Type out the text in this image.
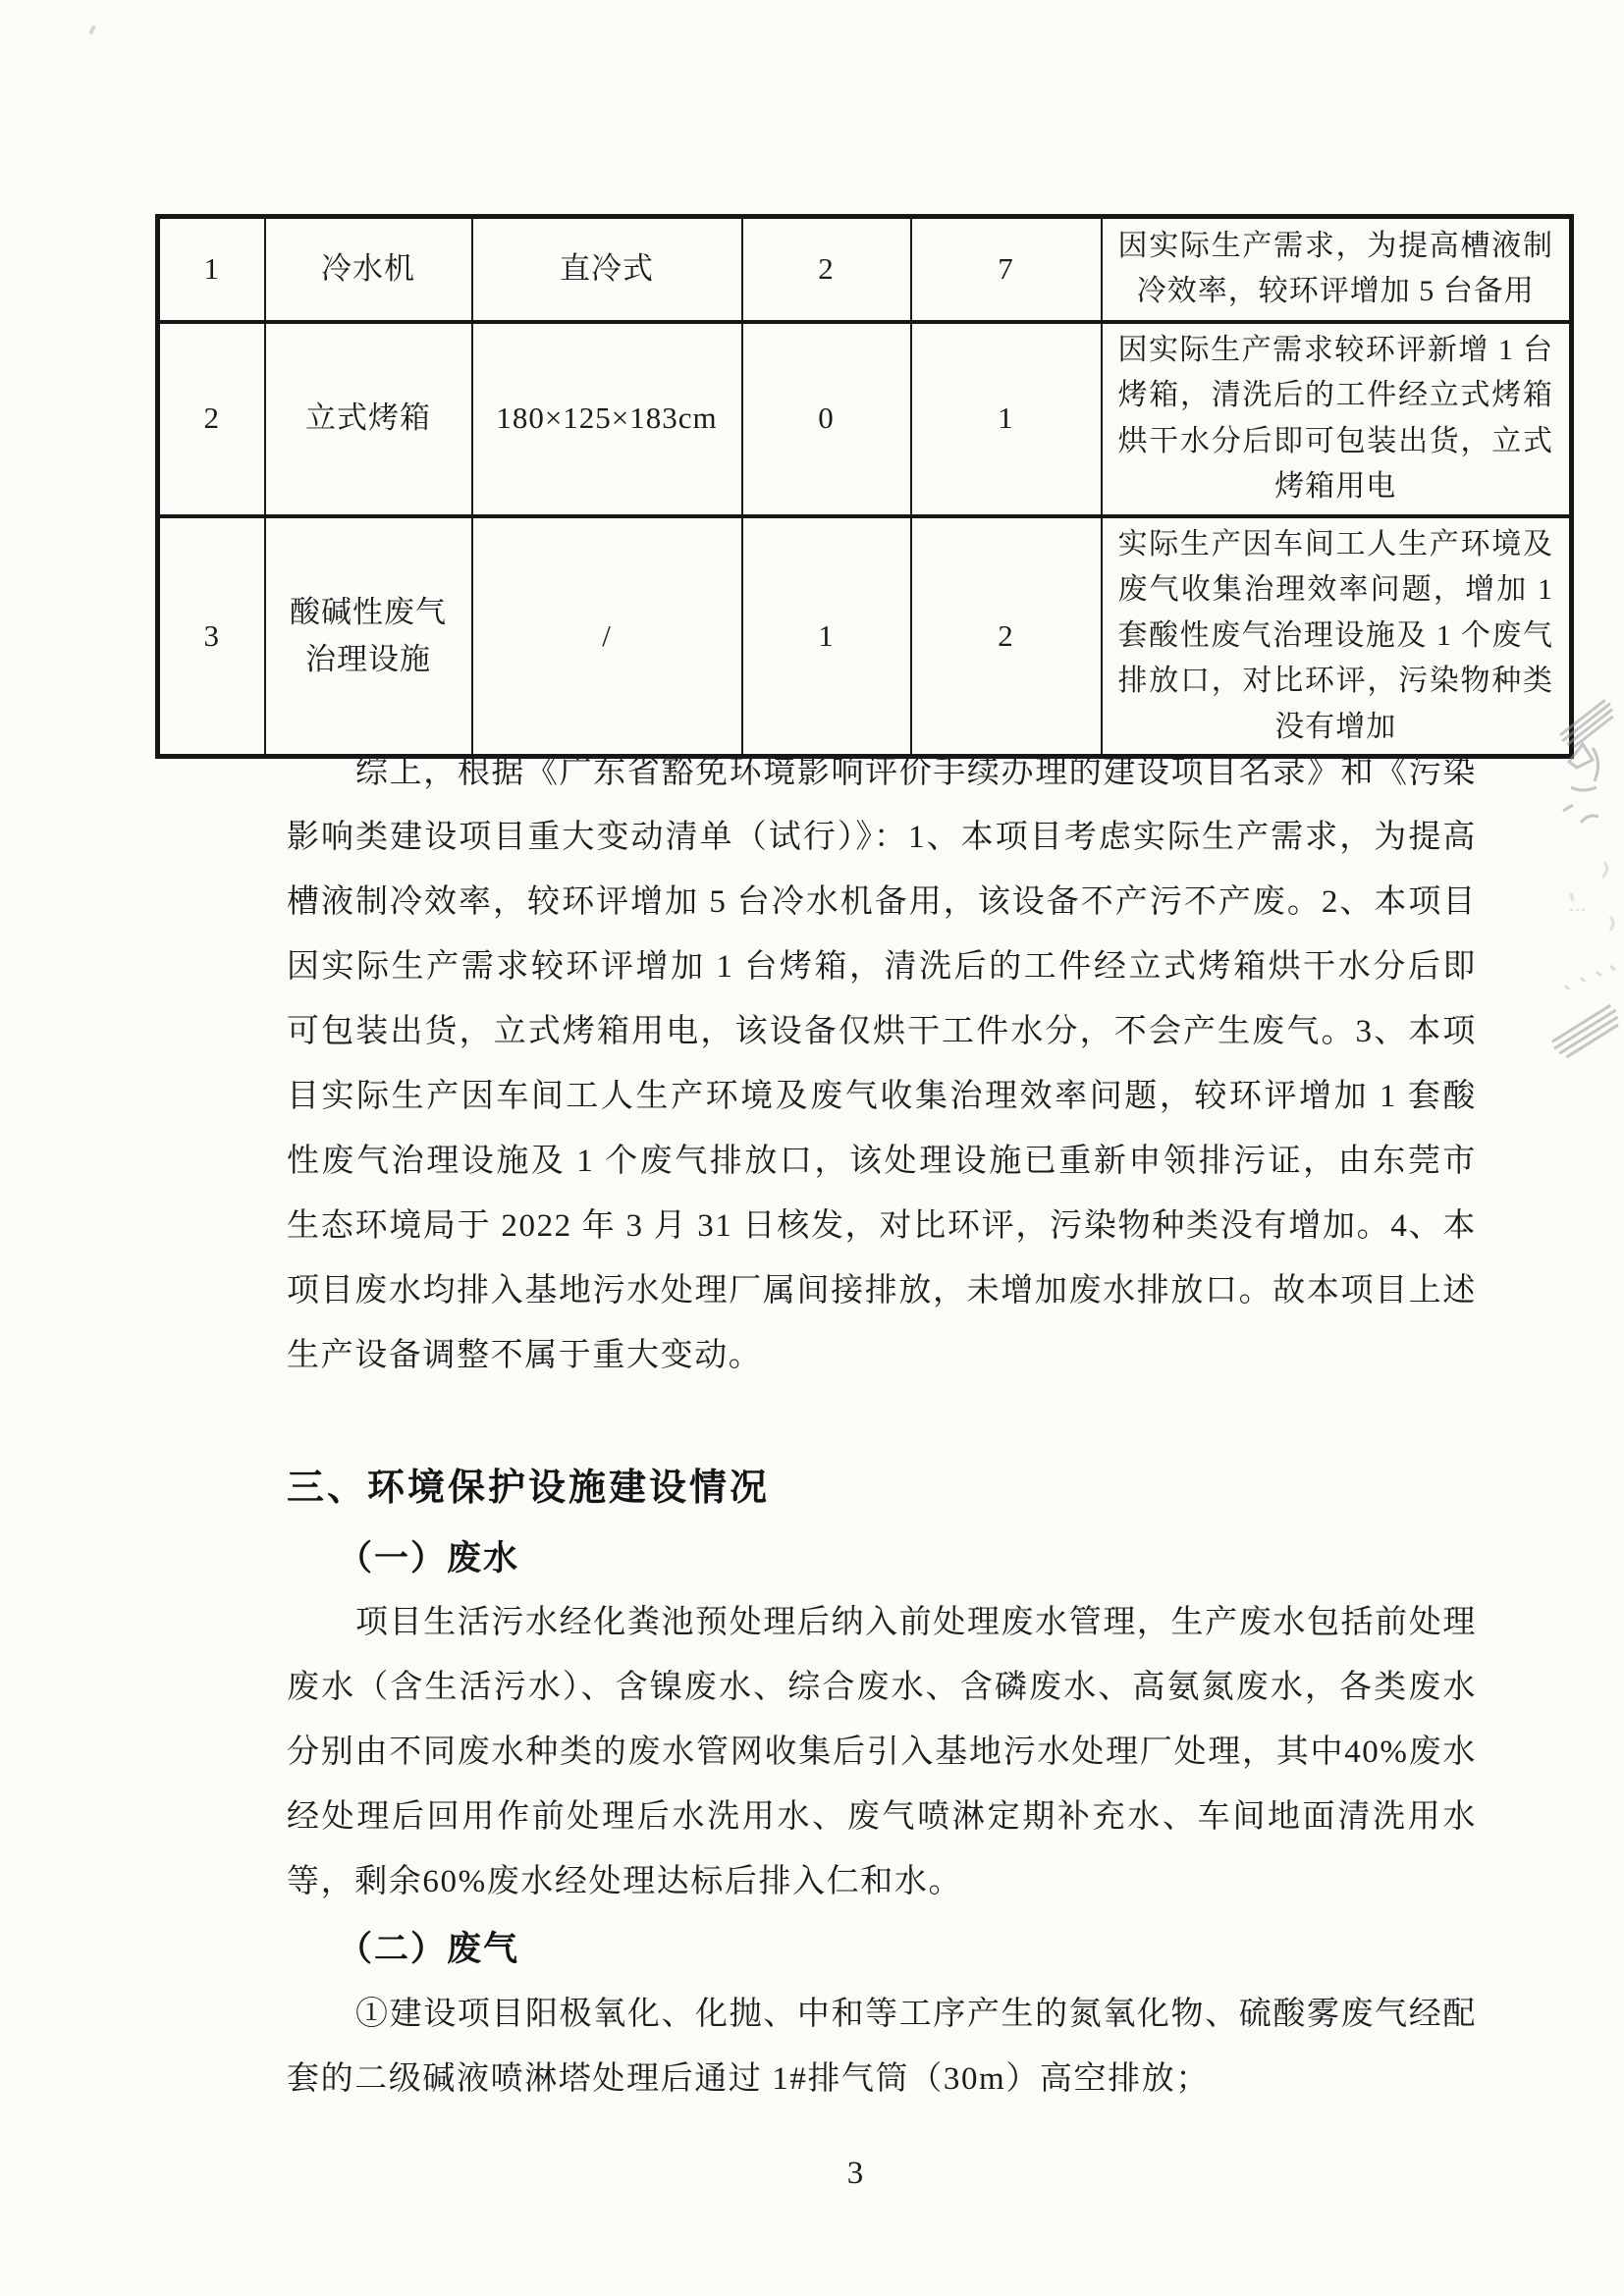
1	冷水机	直冷式	2	7	因实际生产需求，为提高槽液制冷效率，较环评增加 5 台备用
2	立式烤箱	180×125×183cm	0	1	因实际生产需求较环评新增 1 台烤箱，清洗后的工件经立式烤箱烘干水分后即可包装出货，立式烤箱用电
3	酸碱性废气治理设施	/	1	2	实际生产因车间工人生产环境及废气收集治理效率问题，增加 1 套酸性废气治理设施及 1 个废气排放口，对比环评，污染物种类没有增加

综上，根据《广东省豁免环境影响评价手续办理的建设项目名录》和《污染影响类建设项目重大变动清单（试行）》：1、本项目考虑实际生产需求，为提高槽液制冷效率，较环评增加 5 台冷水机备用，该设备不产污不产废。2、本项目因实际生产需求较环评增加 1 台烤箱，清洗后的工件经立式烤箱烘干水分后即可包装出货，立式烤箱用电，该设备仅烘干工件水分，不会产生废气。3、本项目实际生产因车间工人生产环境及废气收集治理效率问题，较环评增加 1 套酸性废气治理设施及 1 个废气排放口，该处理设施已重新申领排污证，由东莞市生态环境局于 2022 年 3 月 31 日核发，对比环评，污染物种类没有增加。4、本项目废水均排入基地污水处理厂属间接排放，未增加废水排放口。故本项目上述生产设备调整不属于重大变动。

三、环境保护设施建设情况
（一）废水

项目生活污水经化粪池预处理后纳入前处理废水管理，生产废水包括前处理废水（含生活污水）、含镍废水、综合废水、含磷废水、高氨氮废水，各类废水分别由不同废水种类的废水管网收集后引入基地污水处理厂处理，其中40%废水经处理后回用作前处理后水洗用水、废气喷淋定期补充水、车间地面清洗用水等，剩余60%废水经处理达标后排入仁和水。

（二）废气

①建设项目阳极氧化、化抛、中和等工序产生的氮氧化物、硫酸雾废气经配套的二级碱液喷淋塔处理后通过 1#排气筒（30m）高空排放；

3
